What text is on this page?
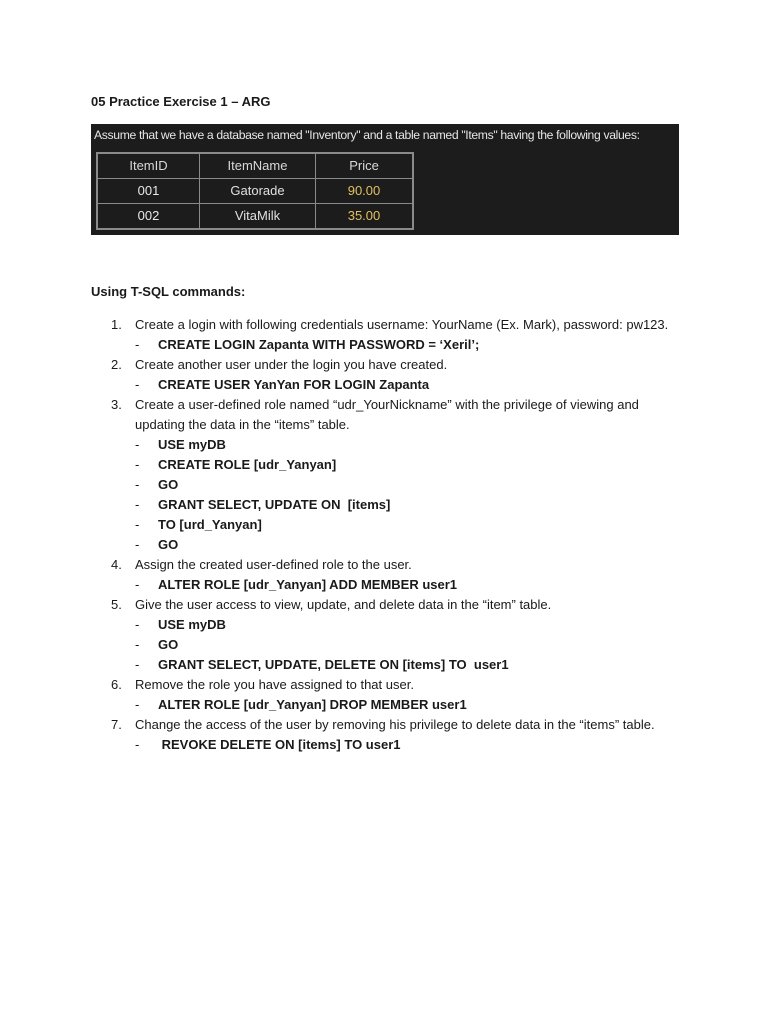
05 Practice Exercise 1 – ARG
Assume that we have a database named "Inventory" and a table named "Items" having the following values:
ItemID	ItemName	Price
001	Gatorade	90.00
002	VitaMilk	35.00
Using T-SQL commands:
1. Create a login with following credentials username: YourName (Ex. Mark), password: pw123.
- CREATE LOGIN Zapanta WITH PASSWORD = ‘Xeril’;
2. Create another user under the login you have created.
- CREATE USER YanYan FOR LOGIN Zapanta
3. Create a user-defined role named “udr_YourNickname” with the privilege of viewing and
updating the data in the “items” table.
- USE myDB
- CREATE ROLE [udr_Yanyan]
- GO
- GRANT SELECT, UPDATE ON  [items]
- TO [urd_Yanyan]
- GO
4. Assign the created user-defined role to the user.
- ALTER ROLE [udr_Yanyan] ADD MEMBER user1
5. Give the user access to view, update, and delete data in the “item” table.
- USE myDB
- GO
- GRANT SELECT, UPDATE, DELETE ON [items] TO  user1
6. Remove the role you have assigned to that user.
- ALTER ROLE [udr_Yanyan] DROP MEMBER user1
7. Change the access of the user by removing his privilege to delete data in the “items” table.
- REVOKE DELETE ON [items] TO user1
